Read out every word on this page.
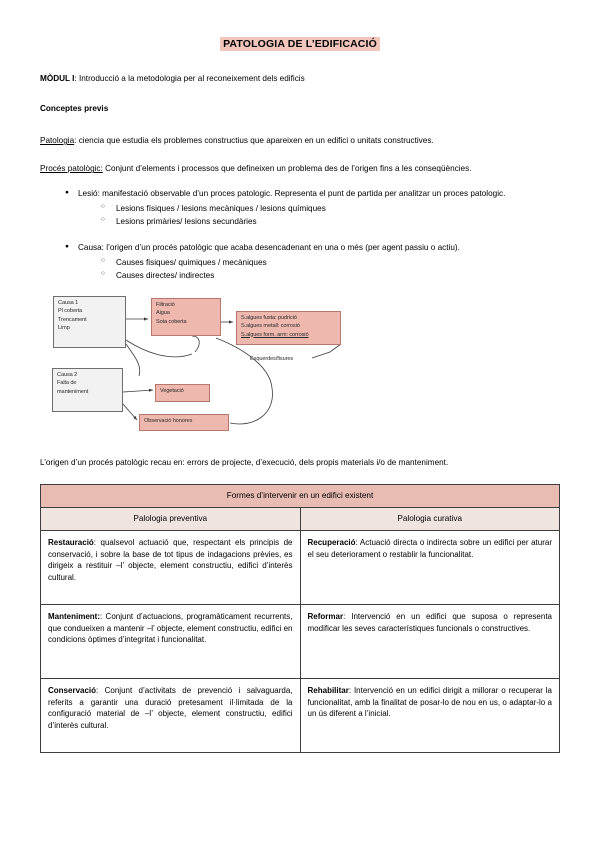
PATOLOGIA DE L’EDIFICACIÓ

MÒDUL I: Introducció a la metodologia per al reconeixement dels edificis

Conceptes previs

Patologia: ciencia que estudia els problemes constructius que apareixen en un edifici o unitats constructives.

Procés patològic: Conjunt d’elements i processos que defineixen un problema des de l’origen fins a les conseqüències.

● Lesió: manifestació observable d’un proces patologic. Representa el punt de partida per analitzar un proces patologic.
○ Lesions físiques / lesions mecàniques / lesions químiques
○ Lesions primàries/ lesions secundàries
● Causa: l’origen d’un procés patològic que acaba desencadenant en una o més (per agent passiu o actiu).
○ Causes fisiques/ quimiques / mecàniques
○ Causes directes/ indirectes
Causa 1
Pl coberta
Trencament
Limp
Filtració
Aigua
Sota coberta
S.algues fusta: pudrició
S.algues metall: corrosió
S.algues form. arm: corrosió
Causa 2
Falta de
manteniment	Vegetació
Observació honores
Esquerdes/fisures

L’origen d’un procés patològic recau en: errors de projecte, d’execució, dels propis materials i/o de manteniment.

Formes d’intervenir en un edifici existent	
Palologia preventiva	Palologia curativa
Restauració: qualsevol actuació que, respectant els principis de conservació, i sobre la base de tot tipus de indagacions prèvies, es dirigeix a restituir –l’ objecte, element constructiu, edifici d’interès cultural.	Recuperació: Actuació directa o indirecta sobre un edifici per aturar el seu deteriorament o restablir la funcionalitat.
Manteniment:: Conjunt d’actuacions, programàticament recurrents, que condueixen a mantenir –l’ objecte, element constructiu, edifici en condicions òptimes d’integritat i funcionalitat.	Reformar: Intervenció en un edifici que suposa o representa modificar les seves característiques funcionals o constructives.
Conservació: Conjunt d’activitats de prevenció i salvaguarda, referits a garantir una duració pretesament il·limitada de la configuració material de –l’ objecte, element constructiu, edifici d’interès cultural.	Rehabilitar: Intervenció en un edifici dirigit a millorar o recuperar la funcionalitat, amb la finalitat de posar-lo de nou en us, o adaptar-lo a un ús diferent a l’inicial.
